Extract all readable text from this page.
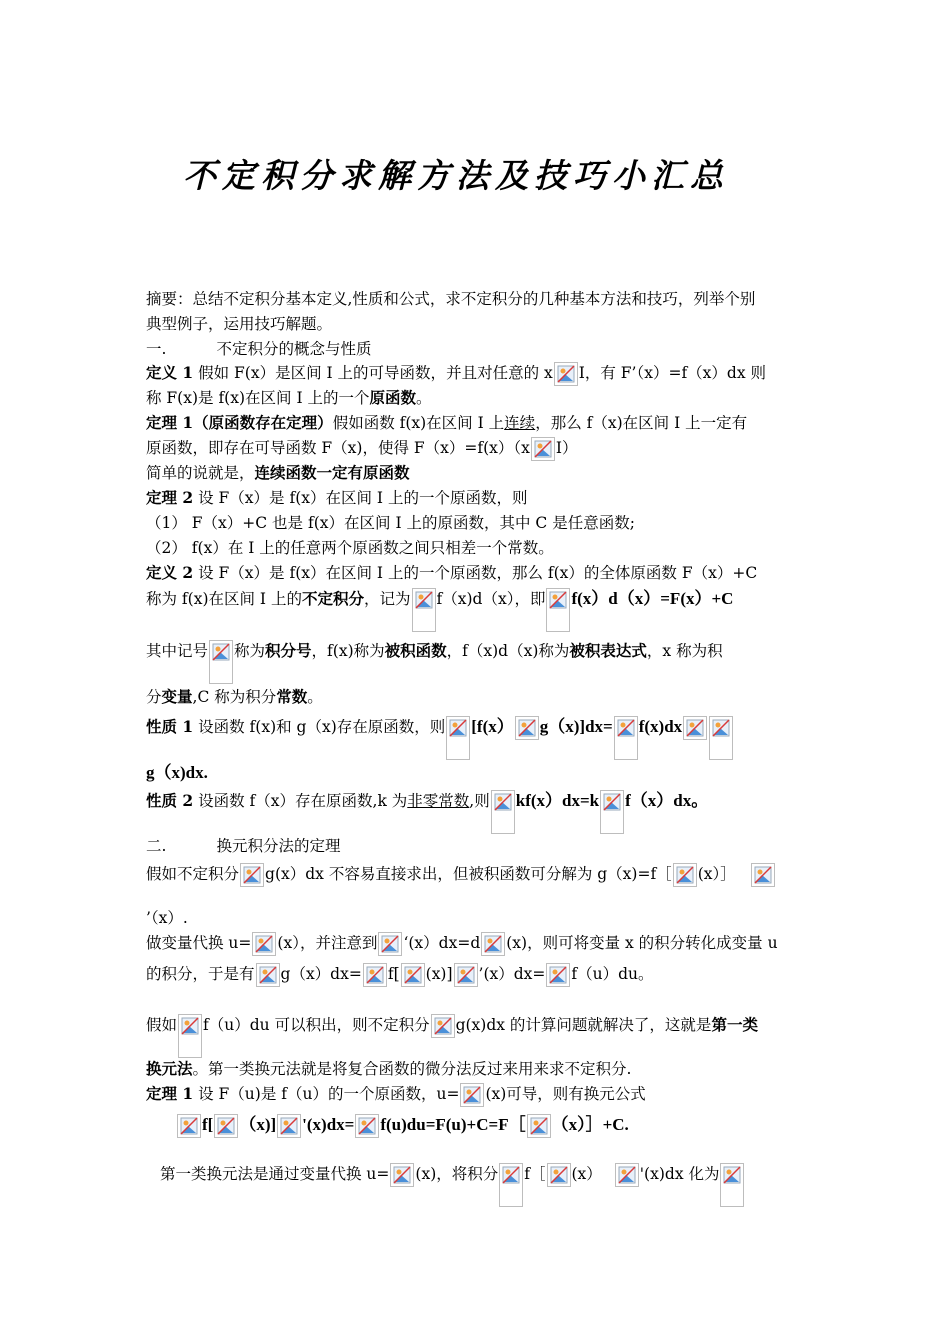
不定积分求解方法及技巧小汇总
摘要：总结不定积分基本定义,性质和公式，求不定积分的几种基本方法和技巧，列举个别
典型例子，运用技巧解题。
一.	不定积分的概念与性质
定义 1 假如 F(x）是区间 I 上的可导函数，并且对任意的 x I，有 F’（x）=f（x）dx 则
称 F(x)是 f(x)在区间 I 上的一个原函数。
定理 1（原函数存在定理）假如函数 f(x)在区间 I 上连续，那么 f（x)在区间 I 上一定有
原函数，即存在可导函数 F（x)，使得 F（x）=f(x）（x I）
简单的说就是，连续函数一定有原函数
定理 2 设 F（x）是 f(x）在区间 I 上的一个原函数，则
（1） F（x）+C 也是 f(x）在区间 I 上的原函数，其中 C 是任意函数;
（2） f(x）在 I 上的任意两个原函数之间只相差一个常数。
定义 2 设 F（x）是 f(x）在区间 I 上的一个原函数，那么 f(x）的全体原函数 F（x）+C
称为 f(x)在区间 I 上的不定积分，记为 f（x)d（x），即 f(x）d（x）=F(x）+C
其中记号 称为积分号，f(x)称为被积函数，f（x)d（x)称为被积表达式，x 称为积
分变量,C 称为积分常数。
性质 1 设函数 f(x)和 g（x)存在原函数，则 [f(x） g（x)]dx= f(x)dx
g（x)dx.
性质 2 设函数 f（x）存在原函数,k 为非零常数,则 kf(x）dx=k f（x）dx。
二.	换元积分法的定理
假如不定积分 g(x）dx 不容易直接求出，但被积函数可分解为 g（x)=f［ (x）］
’（x）.
做变量代换 u= (x），并注意到 ‘(x）dx=d (x)，则可将变量 x 的积分转化成变量 u
的积分，于是有 g（x）dx= f[ (x)] ’(x）dx= f（u）du。
假如 f（u）du 可以积出，则不定积分 g(x)dx 的计算问题就解决了，这就是第一类
换元法。第一类换元法就是将复合函数的微分法反过来用来求不定积分.
定理 1 设 F（u)是 f（u）的一个原函数，u= (x)可导，则有换元公式
f[ （x)] '(x)dx= f(u)du=F(u)+C=F［ （x）］+C.
第一类换元法是通过变量代换 u= (x)，将积分 f［ (x） '(x)dx 化为
